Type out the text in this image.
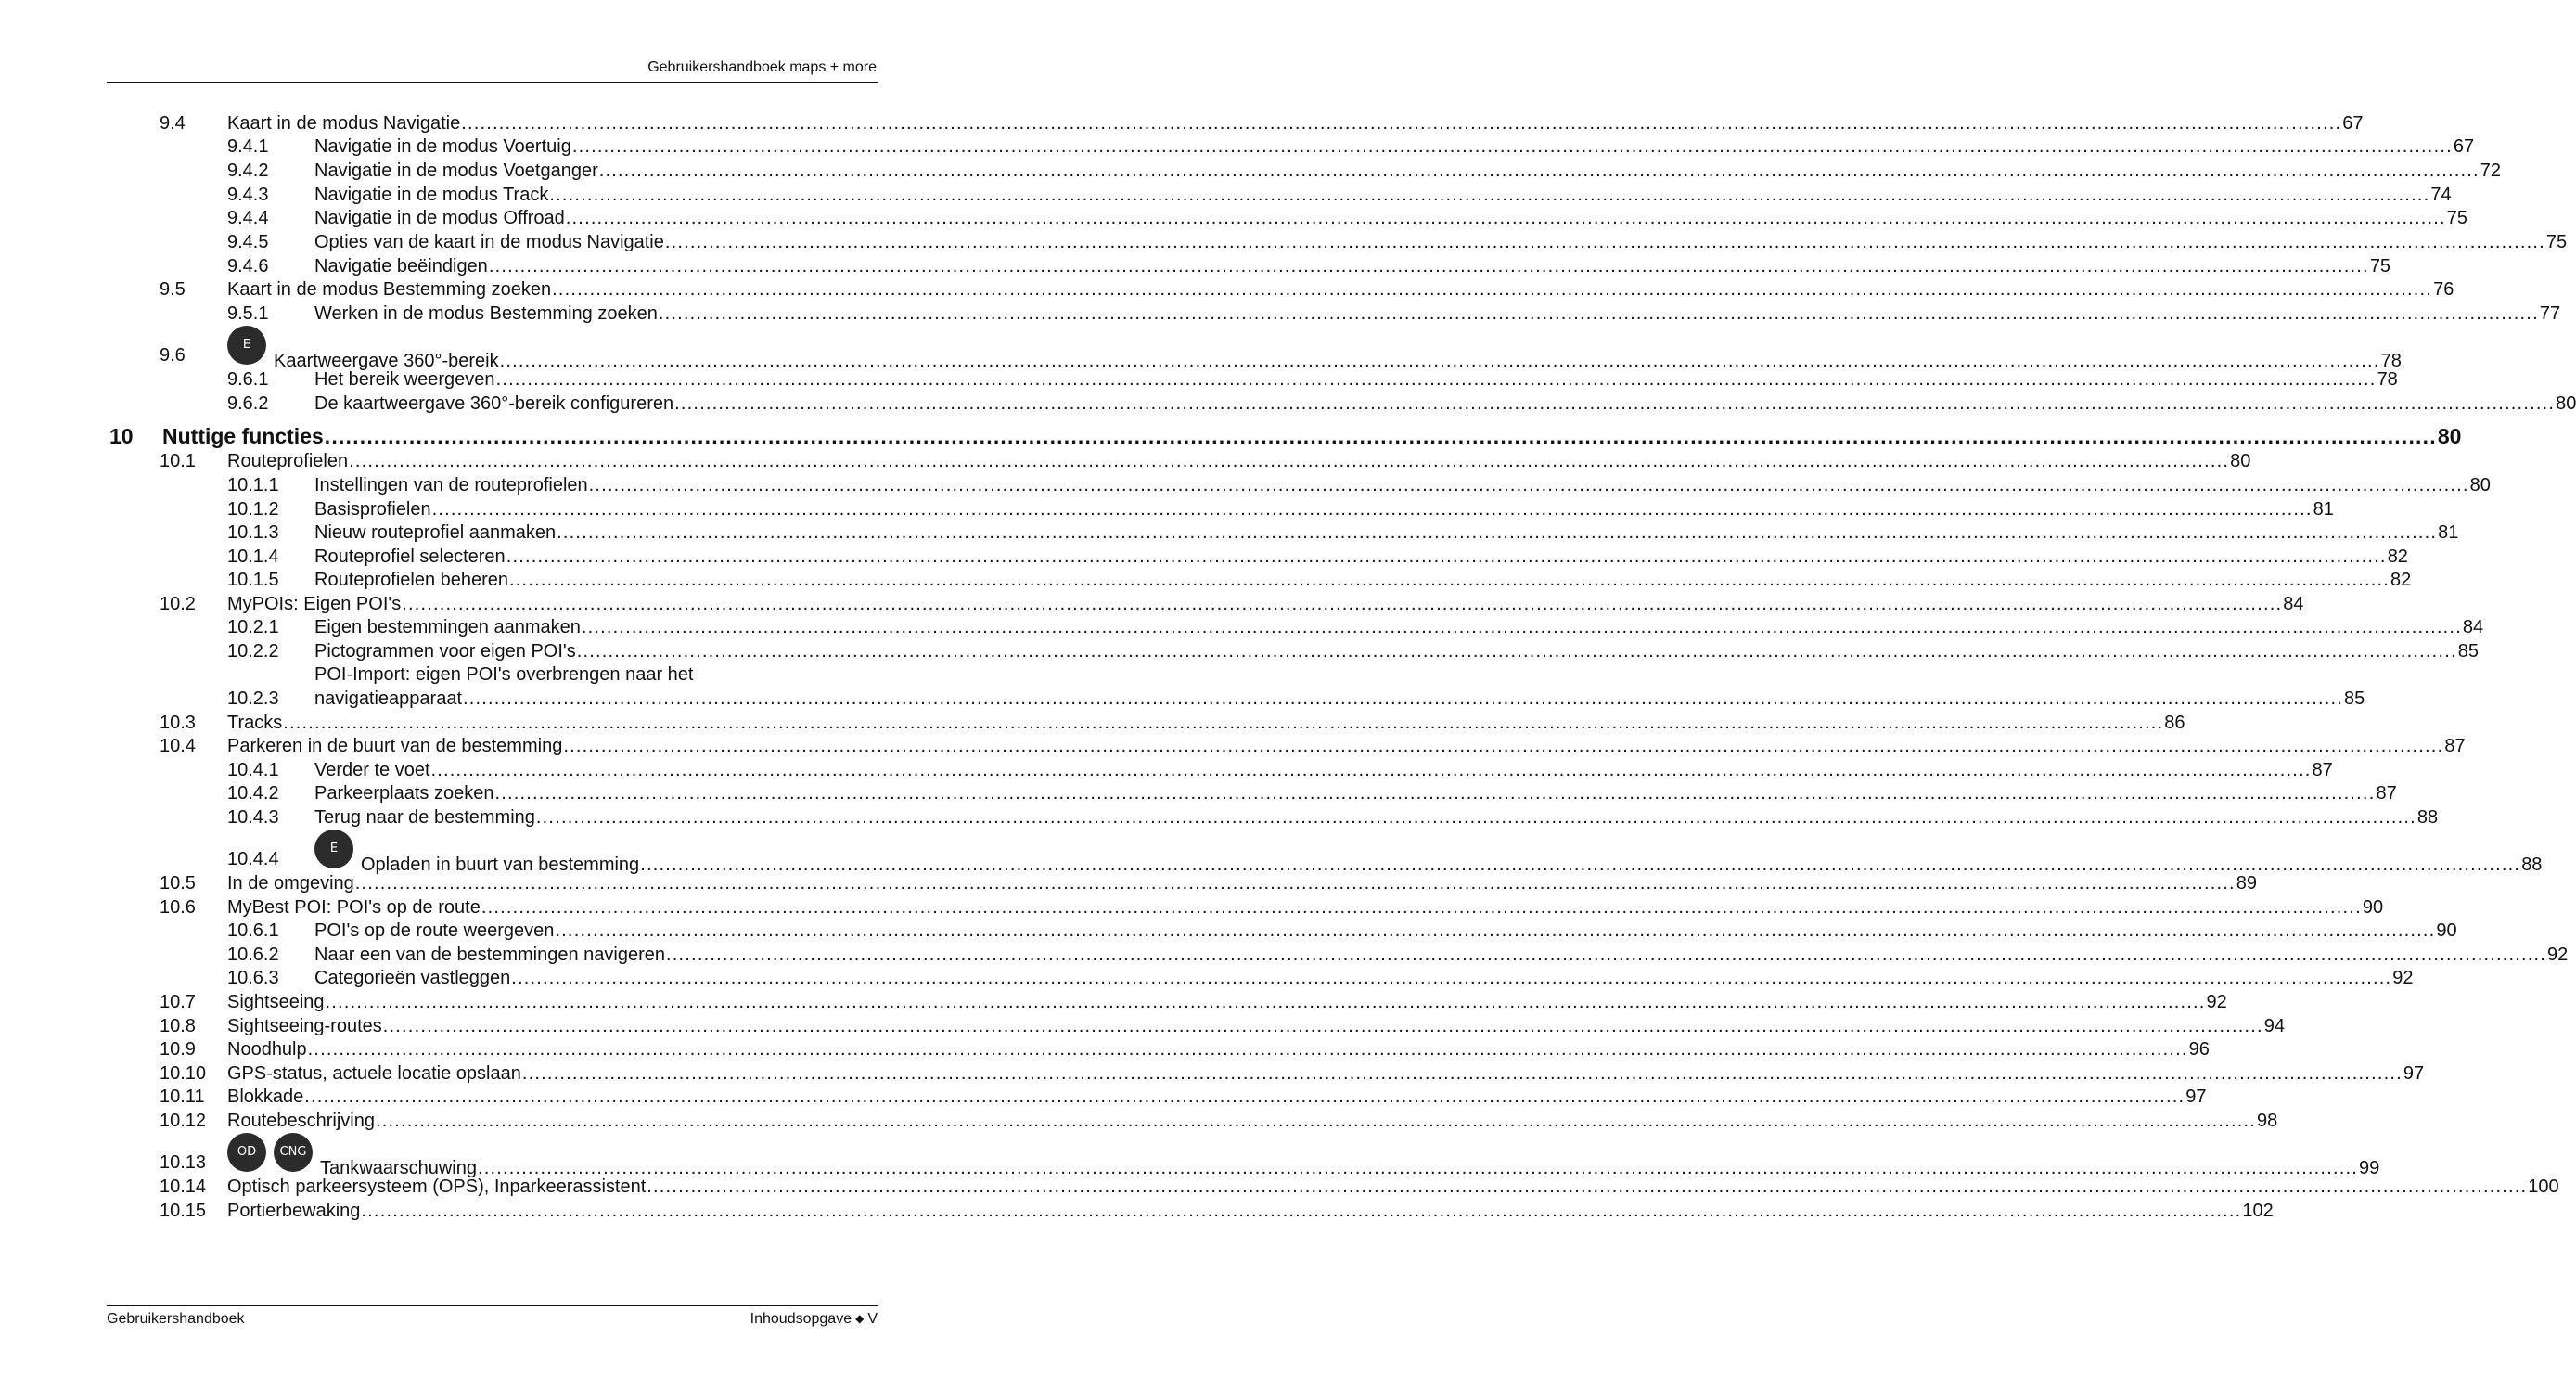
Gebruikershandboek maps + more
9.4 Kaart in de modus Navigatie ............................................................................................................................................................................................................................................................................................................ 67
9.4.1 Navigatie in de modus Voertuig ............................................................................................................................................................................................................................................................................................................ 67
9.4.2 Navigatie in de modus Voetganger ............................................................................................................................................................................................................................................................................................................ 72
9.4.3 Navigatie in de modus Track ............................................................................................................................................................................................................................................................................................................ 74
9.4.4 Navigatie in de modus Offroad ............................................................................................................................................................................................................................................................................................................ 75
9.4.5 Opties van de kaart in de modus Navigatie ............................................................................................................................................................................................................................................................................................................ 75
9.4.6 Navigatie beëindigen ............................................................................................................................................................................................................................................................................................................ 75
9.5 Kaart in de modus Bestemming zoeken ............................................................................................................................................................................................................................................................................................................ 76
9.5.1 Werken in de modus Bestemming zoeken ............................................................................................................................................................................................................................................................................................................ 77
9.6
E
Kaartweergave 360°-bereik ............................................................................................................................................................................................................................................................................................................ 78
9.6.1 Het bereik weergeven ............................................................................................................................................................................................................................................................................................................ 78
9.6.2 De kaartweergave 360°-bereik configureren ............................................................................................................................................................................................................................................................................................................ 80
10 Nuttige functies ............................................................................................................................................................................................................................................................................................................ 80
10.1 Routeprofielen ............................................................................................................................................................................................................................................................................................................ 80
10.1.1 Instellingen van de routeprofielen ............................................................................................................................................................................................................................................................................................................ 80
10.1.2 Basisprofielen ............................................................................................................................................................................................................................................................................................................ 81
10.1.3 Nieuw routeprofiel aanmaken ............................................................................................................................................................................................................................................................................................................ 81
10.1.4 Routeprofiel selecteren ............................................................................................................................................................................................................................................................................................................ 82
10.1.5 Routeprofielen beheren ............................................................................................................................................................................................................................................................................................................ 82
10.2 MyPOIs: Eigen POI's ............................................................................................................................................................................................................................................................................................................ 84
10.2.1 Eigen bestemmingen aanmaken ............................................................................................................................................................................................................................................................................................................ 84
10.2.2 Pictogrammen voor eigen POI's ............................................................................................................................................................................................................................................................................................................ 85
POI-Import: eigen POI's overbrengen naar het
10.2.3 navigatieapparaat ............................................................................................................................................................................................................................................................................................................ 85
10.3 Tracks ............................................................................................................................................................................................................................................................................................................ 86
10.4 Parkeren in de buurt van de bestemming ............................................................................................................................................................................................................................................................................................................ 87
10.4.1 Verder te voet ............................................................................................................................................................................................................................................................................................................ 87
10.4.2 Parkeerplaats zoeken ............................................................................................................................................................................................................................................................................................................ 87
10.4.3 Terug naar de bestemming ............................................................................................................................................................................................................................................................................................................ 88
10.4.4
E
Opladen in buurt van bestemming ............................................................................................................................................................................................................................................................................................................ 88
10.5 In de omgeving ............................................................................................................................................................................................................................................................................................................ 89
10.6 MyBest POI: POI's op de route ............................................................................................................................................................................................................................................................................................................ 90
10.6.1 POI's op de route weergeven ............................................................................................................................................................................................................................................................................................................ 90
10.6.2 Naar een van de bestemmingen navigeren ............................................................................................................................................................................................................................................................................................................ 92
10.6.3 Categorieën vastleggen ............................................................................................................................................................................................................................................................................................................ 92
10.7 Sightseeing ............................................................................................................................................................................................................................................................................................................ 92
10.8 Sightseeing-routes ............................................................................................................................................................................................................................................................................................................ 94
10.9 Noodhulp ............................................................................................................................................................................................................................................................................................................ 96
10.10 GPS-status, actuele locatie opslaan ............................................................................................................................................................................................................................................................................................................ 97
10.11 Blokkade ............................................................................................................................................................................................................................................................................................................ 97
10.12 Routebeschrijving ............................................................................................................................................................................................................................................................................................................ 98
10.13
OD	CNG
Tankwaarschuwing ............................................................................................................................................................................................................................................................................................................ 99
10.14 Optisch parkeersysteem (OPS), Inparkeerassistent ............................................................................................................................................................................................................................................................................................................ 100
10.15 Portierbewaking ............................................................................................................................................................................................................................................................................................................ 102
Gebruikershandboek	Inhoudsopgave ◆ V
